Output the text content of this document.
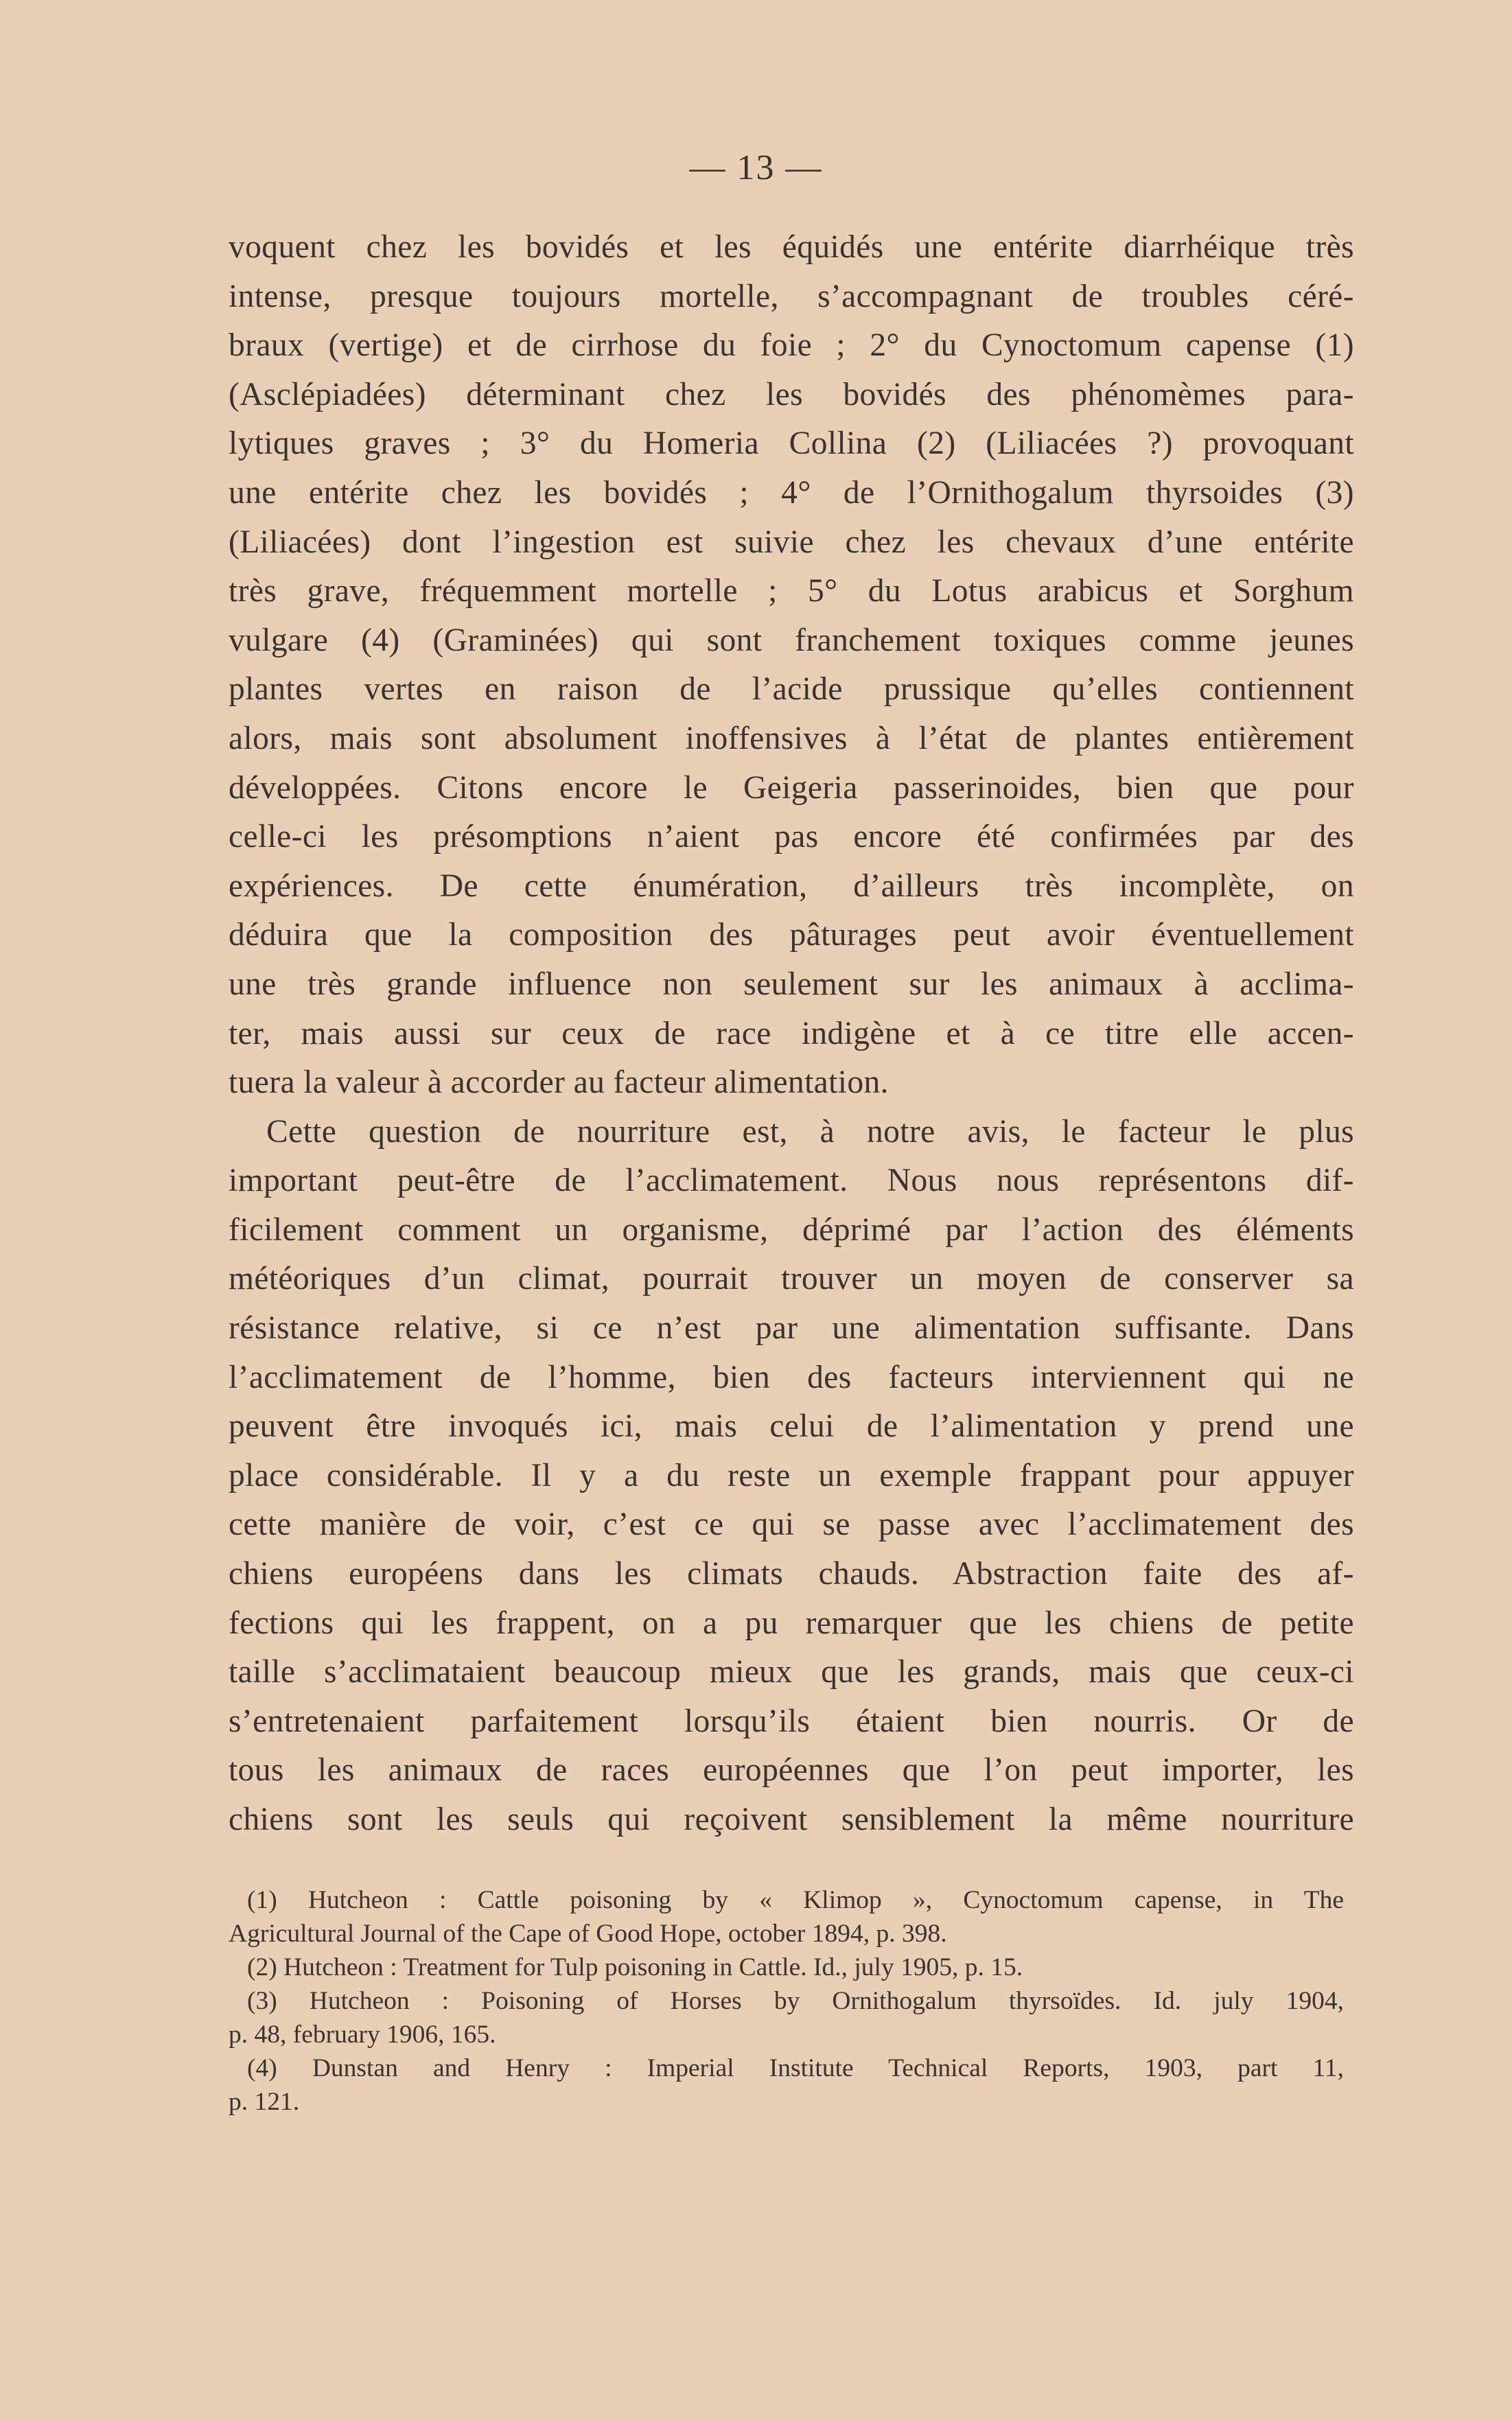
— 13 —
voquent chez les bovidés et les équidés une entérite diarrhéique très
intense, presque toujours mortelle, s’accompagnant de troubles céré-
braux (vertige) et de cirrhose du foie ; 2° du Cynoctomum capense (1)
(Asclépiadées) déterminant chez les bovidés des phénomèmes para-
lytiques graves ; 3° du Homeria Collina (2) (Liliacées ?) provoquant
une entérite chez les bovidés ; 4° de l’Ornithogalum thyrsoides (3)
(Liliacées) dont l’ingestion est suivie chez les chevaux d’une entérite
très grave, fréquemment mortelle ; 5° du Lotus arabicus et Sorghum
vulgare (4) (Graminées) qui sont franchement toxiques comme jeunes
plantes vertes en raison de l’acide prussique qu’elles contiennent
alors, mais sont absolument inoffensives à l’état de plantes entièrement
développées. Citons encore le Geigeria passerinoides, bien que pour
celle-ci les présomptions n’aient pas encore été confirmées par des
expériences. De cette énumération, d’ailleurs très incomplète, on
déduira que la composition des pâturages peut avoir éventuellement
une très grande influence non seulement sur les animaux à acclima-
ter, mais aussi sur ceux de race indigène et à ce titre elle accen-
tuera la valeur à accorder au facteur alimentation.
Cette question de nourriture est, à notre avis, le facteur le plus
important peut-être de l’acclimatement. Nous nous représentons dif-
ficilement comment un organisme, déprimé par l’action des éléments
météoriques d’un climat, pourrait trouver un moyen de conserver sa
résistance relative, si ce n’est par une alimentation suffisante. Dans
l’acclimatement de l’homme, bien des facteurs interviennent qui ne
peuvent être invoqués ici, mais celui de l’alimentation y prend une
place considérable. Il y a du reste un exemple frappant pour appuyer
cette manière de voir, c’est ce qui se passe avec l’acclimatement des
chiens européens dans les climats chauds. Abstraction faite des af-
fections qui les frappent, on a pu remarquer que les chiens de petite
taille s’acclimataient beaucoup mieux que les grands, mais que ceux-ci
s’entretenaient parfaitement lorsqu’ils étaient bien nourris. Or de
tous les animaux de races européennes que l’on peut importer, les
chiens sont les seuls qui reçoivent sensiblement la même nourriture
(1) Hutcheon : Cattle poisoning by « Klimop », Cynoctomum capense, in The
Agricultural Journal of the Cape of Good Hope, october 1894, p. 398.
(2) Hutcheon : Treatment for Tulp poisoning in Cattle. Id., july 1905, p. 15.
(3) Hutcheon : Poisoning of Horses by Ornithogalum thyrsoïdes. Id. july 1904,
p. 48, february 1906, 165.
(4) Dunstan and Henry : Imperial Institute Technical Reports, 1903, part 11,
p. 121.
